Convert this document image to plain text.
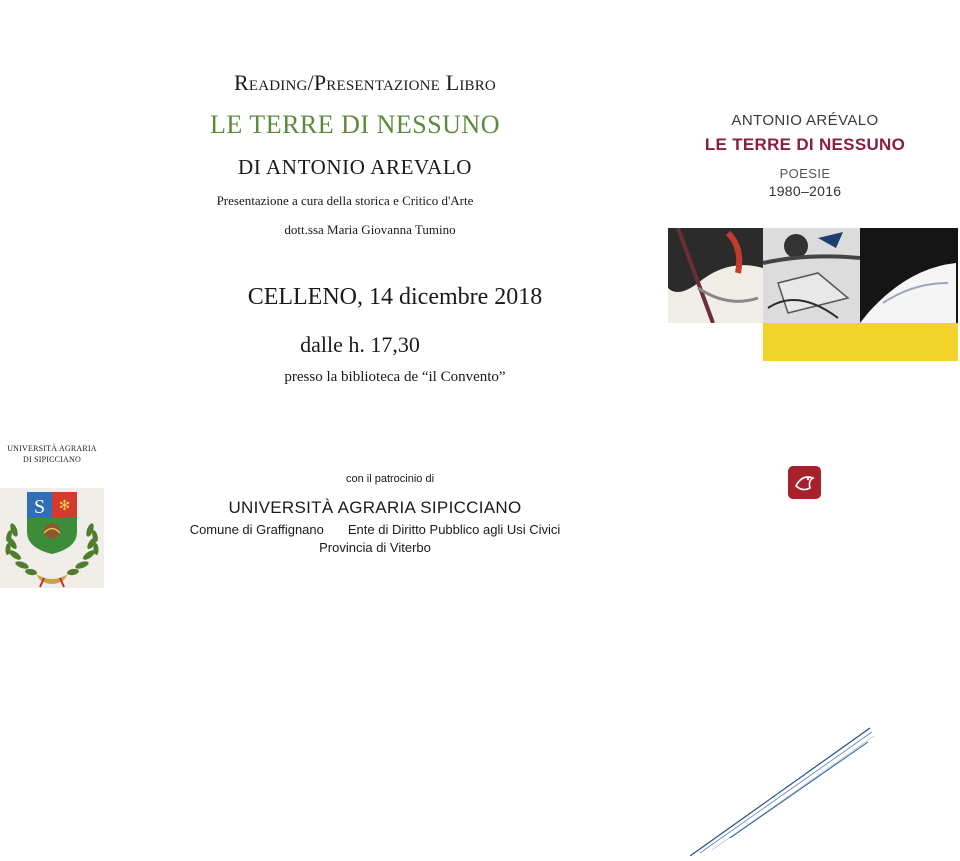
Reading/Presentazione Libro
LE TERRE DI NESSUNO
DI ANTONIO AREVALO
Presentazione a cura della storica e Critico d'Arte
dott.ssa Maria Giovanna Tumino
CELLENO, 14 dicembre 2018
dalle h. 17,30
presso la biblioteca de “il Convento”
con il patrocinio di
UNIVERSITÀ AGRARIA SIPICCIANO
Comune di Graffignano Ente di Diritto Pubblico agli Usi Civici
Provincia di Viterbo
UNIVERSITÀ AGRARIA
DI SIPICCIANO
S ✻
ANTONIO ARÉVALO
LE TERRE DI NESSUNO
POESIE
1980–2016
